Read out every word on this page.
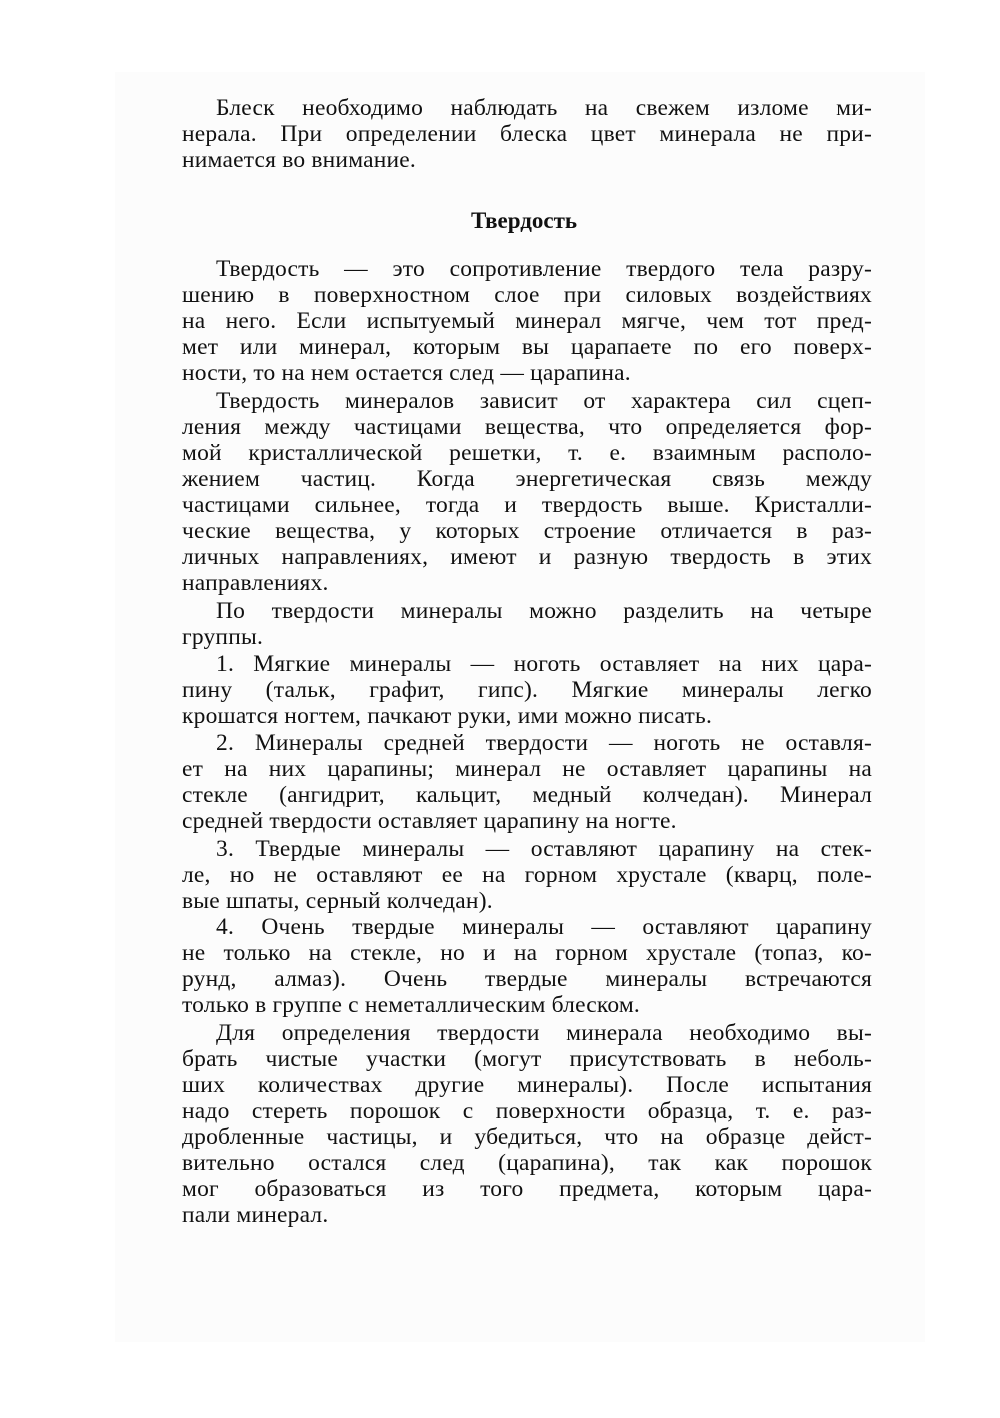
Блеск необходимо наблюдать на свежем изломе ми-
нерала. При определении блеска цвет минерала не при-
нимается во внимание.
Твердость
Твердость — это сопротивление твердого тела разру-
шению в поверхностном слое при силовых воздействиях
на него. Если испытуемый минерал мягче, чем тот пред-
мет или минерал, которым вы царапаете по его поверх-
ности, то на нем остается след — царапина.
Твердость минералов зависит от характера сил сцеп-
ления между частицами вещества, что определяется фор-
мой кристаллической решетки, т. е. взаимным располо-
жением частиц. Когда энергетическая связь между
частицами сильнее, тогда и твердость выше. Кристалли-
ческие вещества, у которых строение отличается в раз-
личных направлениях, имеют и разную твердость в этих
направлениях.
По твердости минералы можно разделить на четыре
группы.
1. Мягкие минералы — ноготь оставляет на них цара-
пину (тальк, графит, гипс). Мягкие минералы легко
крошатся ногтем, пачкают руки, ими можно писать.
2. Минералы средней твердости — ноготь не оставля-
ет на них царапины; минерал не оставляет царапины на
стекле (ангидрит, кальцит, медный колчедан). Минерал
средней твердости оставляет царапину на ногте.
3. Твердые минералы — оставляют царапину на стек-
ле, но не оставляют ее на горном хрустале (кварц, поле-
вые шпаты, серный колчедан).
4. Очень твердые минералы — оставляют царапину
не только на стекле, но и на горном хрустале (топаз, ко-
рунд, алмаз). Очень твердые минералы встречаются
только в группе с неметаллическим блеском.
Для определения твердости минерала необходимо вы-
брать чистые участки (могут присутствовать в неболь-
ших количествах другие минералы). После испытания
надо стереть порошок с поверхности образца, т. е. раз-
дробленные частицы, и убедиться, что на образце дейст-
вительно остался след (царапина), так как порошок
мог образоваться из того предмета, которым цара-
пали минерал.
